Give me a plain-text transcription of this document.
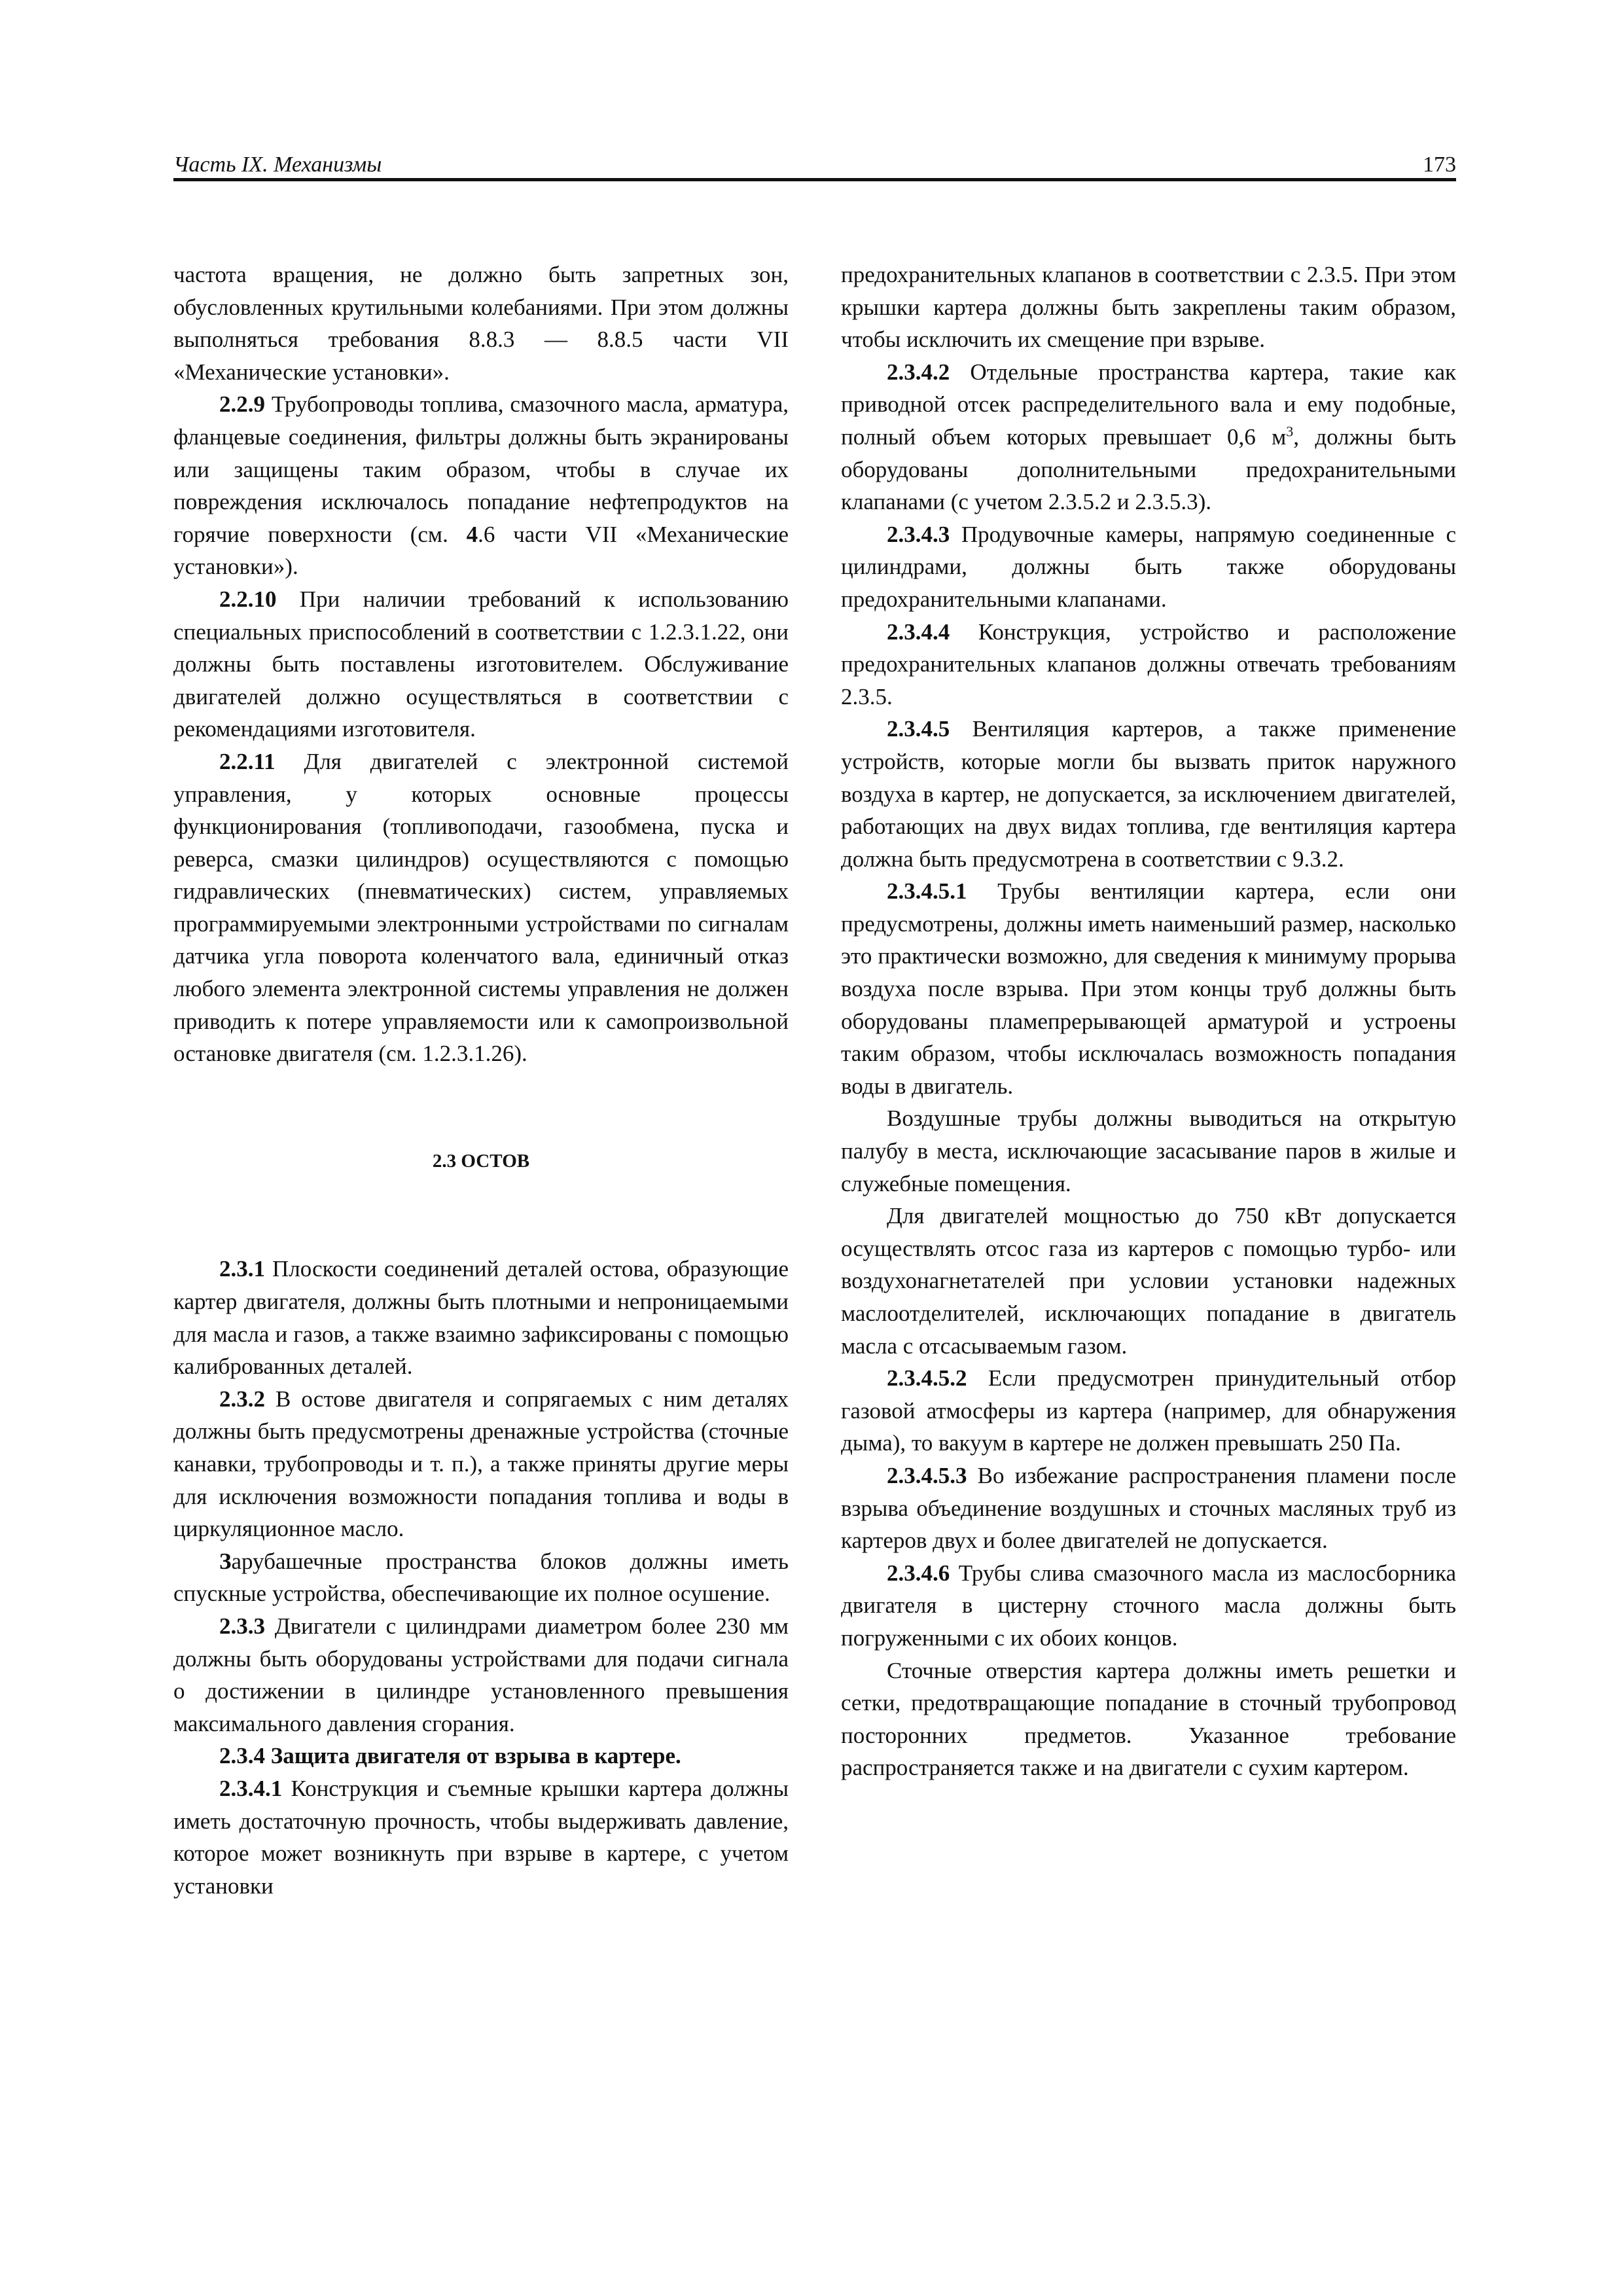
Часть IX. Механизмы	173

частота вращения, не должно быть запретных зон, обусловленных крутильными колебаниями. При этом должны выполняться требования 8.8.3 — 8.8.5 части VII «Механические установки».

2.2.9 Трубопроводы топлива, смазочного масла, арматура, фланцевые соединения, фильтры должны быть экранированы или защищены таким образом, чтобы в случае их повреждения исключалось попадание нефтепродуктов на горячие поверхности (см. 4.6 части VII «Механические установки»).

2.2.10 При наличии требований к использованию специальных приспособлений в соответствии с 1.2.3.1.22, они должны быть поставлены изготовителем. Обслуживание двигателей должно осуществляться в соответствии с рекомендациями изготовителя.

2.2.11 Для двигателей с электронной системой управления, у которых основные процессы функционирования (топливоподачи, газообмена, пуска и реверса, смазки цилиндров) осуществляются с помощью гидравлических (пневматических) систем, управляемых программируемыми электронными устройствами по сигналам датчика угла поворота коленчатого вала, единичный отказ любого элемента электронной системы управления не должен приводить к потере управляемости или к самопроизвольной остановке двигателя (см. 1.2.3.1.26).

2.3 ОСТОВ

2.3.1 Плоскости соединений деталей остова, образующие картер двигателя, должны быть плотными и непроницаемыми для масла и газов, а также взаимно зафиксированы с помощью калиброванных деталей.

2.3.2 В остове двигателя и сопрягаемых с ним деталях должны быть предусмотрены дренажные устройства (сточные канавки, трубопроводы и т. п.), а также приняты другие меры для исключения возможности попадания топлива и воды в циркуляционное масло.

Зарубашечные пространства блоков должны иметь спускные устройства, обеспечивающие их полное осушение.

2.3.3 Двигатели с цилиндрами диаметром более 230 мм должны быть оборудованы устройствами для подачи сигнала о достижении в цилиндре установленного превышения максимального давления сгорания.

2.3.4 Защита двигателя от взрыва в картере.

2.3.4.1 Конструкция и съемные крышки картера должны иметь достаточную прочность, чтобы выдерживать давление, которое может возникнуть при взрыве в картере, с учетом установки

предохранительных клапанов в соответствии с 2.3.5. При этом крышки картера должны быть закреплены таким образом, чтобы исключить их смещение при взрыве.

2.3.4.2 Отдельные пространства картера, такие как приводной отсек распределительного вала и ему подобные, полный объем которых превышает 0,6 $м^3$, должны быть оборудованы дополнительными предохранительными клапанами (с учетом 2.3.5.2 и 2.3.5.3).

2.3.4.3 Продувочные камеры, напрямую соединенные с цилиндрами, должны быть также оборудованы предохранительными клапанами.

2.3.4.4 Конструкция, устройство и расположение предохранительных клапанов должны отвечать требованиям 2.3.5.

2.3.4.5 Вентиляция картеров, а также применение устройств, которые могли бы вызвать приток наружного воздуха в картер, не допускается, за исключением двигателей, работающих на двух видах топлива, где вентиляция картера должна быть предусмотрена в соответствии с 9.3.2.

2.3.4.5.1 Трубы вентиляции картера, если они предусмотрены, должны иметь наименьший размер, насколько это практически возможно, для сведения к минимуму прорыва воздуха после взрыва. При этом концы труб должны быть оборудованы пламепрерывающей арматурой и устроены таким образом, чтобы исключалась возможность попадания воды в двигатель.

Воздушные трубы должны выводиться на открытую палубу в места, исключающие засасывание паров в жилые и служебные помещения.

Для двигателей мощностью до 750 кВт допускается осуществлять отсос газа из картеров с помощью турбо- или воздухонагнетателей при условии установки надежных маслоотделителей, исключающих попадание в двигатель масла с отсасываемым газом.

2.3.4.5.2 Если предусмотрен принудительный отбор газовой атмосферы из картера (например, для обнаружения дыма), то вакуум в картере не должен превышать 250 Па.

2.3.4.5.3 Во избежание распространения пламени после взрыва объединение воздушных и сточных масляных труб из картеров двух и более двигателей не допускается.

2.3.4.6 Трубы слива смазочного масла из маслосборника двигателя в цистерну сточного масла должны быть погруженными с их обоих концов.

Сточные отверстия картера должны иметь решетки и сетки, предотвращающие попадание в сточный трубопровод посторонних предметов. Указанное требование распространяется также и на двигатели с сухим картером.
